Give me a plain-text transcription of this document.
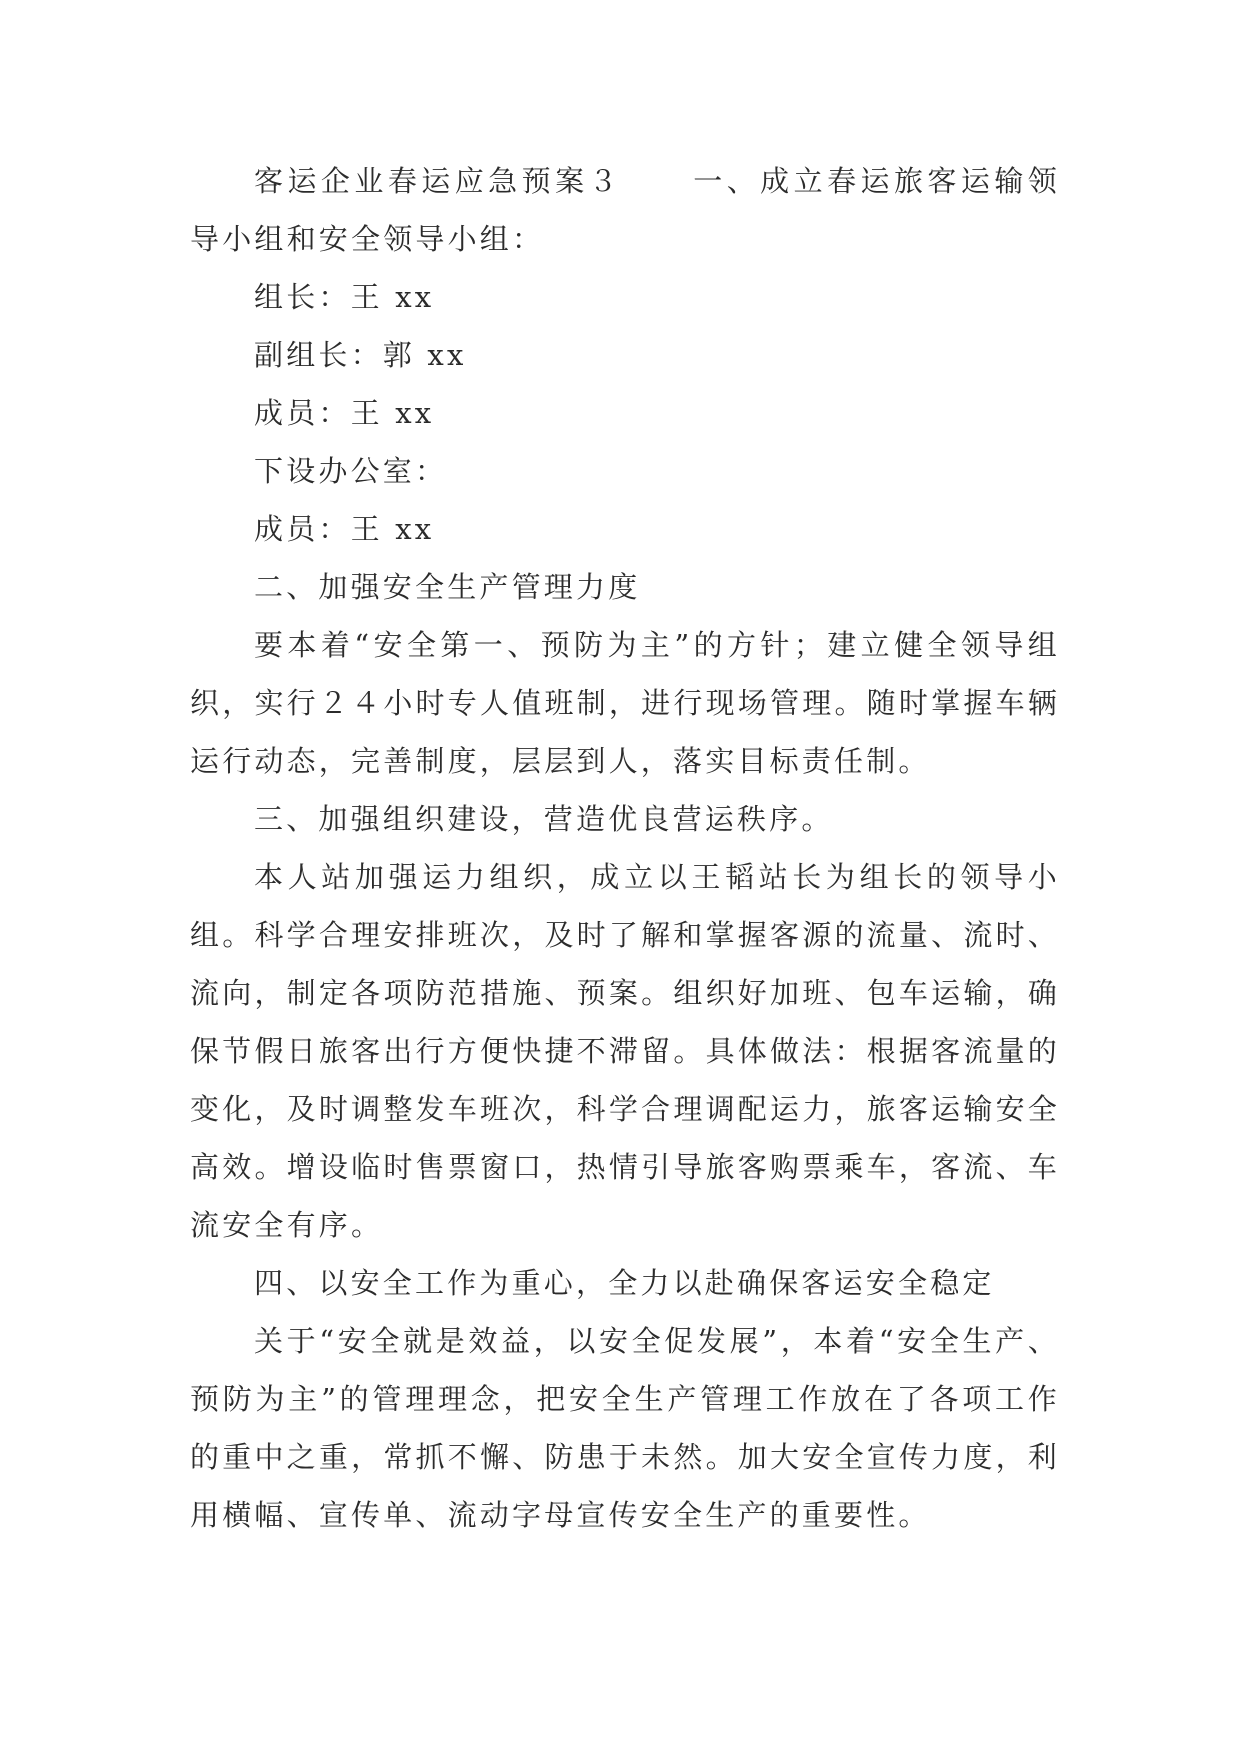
客运企业春运应急预案３ 一、成立春运旅客运输领导小组和安全领导小组：

组长：王 xx

副组长：郭 xx

成员：王 xx

下设办公室：

成员：王 xx

二、加强安全生产管理力度

要本着“安全第一、预防为主”的方针；建立健全领导组织，实行２４小时专人值班制，进行现场管理。随时掌握车辆运行动态，完善制度，层层到人，落实目标责任制。

三、加强组织建设，营造优良营运秩序。

本人站加强运力组织，成立以王韬站长为组长的领导小组。科学合理安排班次，及时了解和掌握客源的流量、流时、流向，制定各项防范措施、预案。组织好加班、包车运输，确保节假日旅客出行方便快捷不滞留。具体做法：根据客流量的变化，及时调整发车班次，科学合理调配运力，旅客运输安全高效。增设临时售票窗口，热情引导旅客购票乘车，客流、车流安全有序。

四、以安全工作为重心，全力以赴确保客运安全稳定

关于“安全就是效益，以安全促发展”，本着“安全生产、预防为主”的管理理念，把安全生产管理工作放在了各项工作的重中之重，常抓不懈、防患于未然。加大安全宣传力度，利用横幅、宣传单、流动字母宣传安全生产的重要性。
